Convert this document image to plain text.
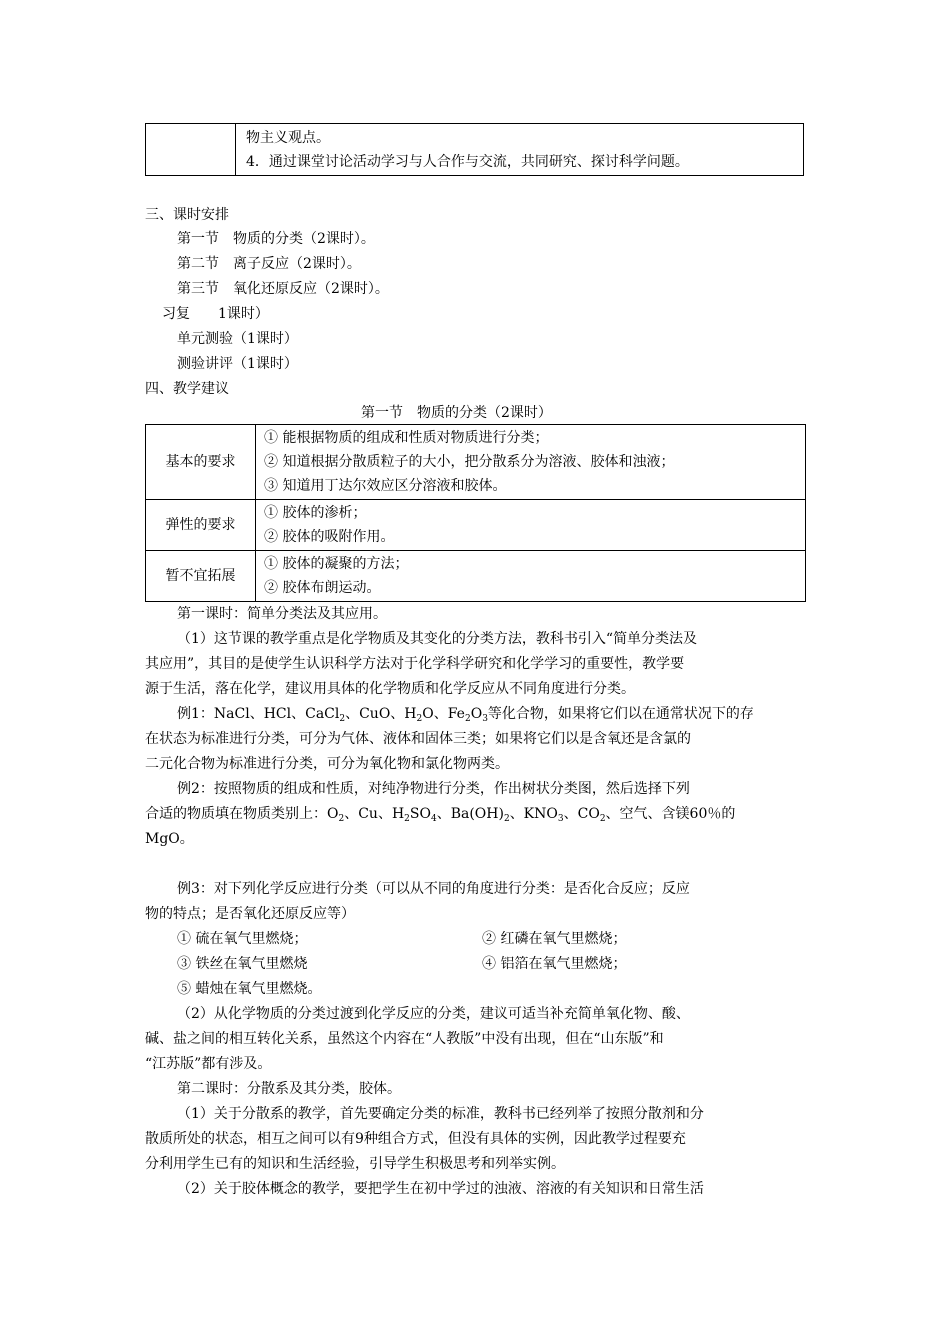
物主义观点。
4．通过课堂讨论活动学习与人合作与交流，共同研究、探讨科学问题。
三、课时安排
第一节　物质的分类（2课时）。
第二节　离子反应（2课时）。
第三节　氧化还原反应（2课时）。
习复　　1课时）
单元测验（1课时）
测验讲评（1课时）
四、教学建议
第一节　物质的分类（2课时）
基本的要求	① 能根据物质的组成和性质对物质进行分类；
② 知道根据分散质粒子的大小，把分散系分为溶液、胶体和浊液；
③ 知道用丁达尔效应区分溶液和胶体。

弹性的要求	① 胶体的渗析；
② 胶体的吸附作用。

暂不宜拓展	① 胶体的凝聚的方法；
② 胶体布朗运动。
第一课时：简单分类法及其应用。
（1）这节课的教学重点是化学物质及其变化的分类方法，教科书引入“简单分类法及
其应用”，其目的是使学生认识科学方法对于化学科学研究和化学学习的重要性，教学要
源于生活，落在化学，建议用具体的化学物质和化学反应从不同角度进行分类。
例1：NaCl、HCl、CaCl$_2$、CuO、$H_2O$、$Fe_2O_3$等化合物，如果将它们以在通常状况下的存
在状态为标准进行分类，可分为气体、液体和固体三类；如果将它们以是含氧还是含氯的
二元化合物为标准进行分类，可分为氧化物和氯化物两类。
例2：按照物质的组成和性质，对纯净物进行分类，作出树状分类图，然后选择下列
合适的物质填在物质类别上：$O_2$、Cu、$H_2SO_4$、$Ba(OH)_2$、$KNO_3$、$CO_2$、空气、含镁60％的
MgO。
例3：对下列化学反应进行分类（可以从不同的角度进行分类：是否化合反应；反应
物的特点；是否氧化还原反应等）
① 硫在氧气里燃烧；	② 红磷在氧气里燃烧；
③ 铁丝在氧气里燃烧	④ 铝箔在氧气里燃烧；
⑤ 蜡烛在氧气里燃烧。
（2）从化学物质的分类过渡到化学反应的分类，建议可适当补充简单氧化物、酸、
碱、盐之间的相互转化关系，虽然这个内容在“人教版”中没有出现，但在“山东版”和
“江苏版”都有涉及。
第二课时：分散系及其分类，胶体。
（1）关于分散系的教学，首先要确定分类的标准，教科书已经列举了按照分散剂和分
散质所处的状态，相互之间可以有9种组合方式，但没有具体的实例，因此教学过程要充
分利用学生已有的知识和生活经验，引导学生积极思考和列举实例。
（2）关于胶体概念的教学，要把学生在初中学过的浊液、溶液的有关知识和日常生活
